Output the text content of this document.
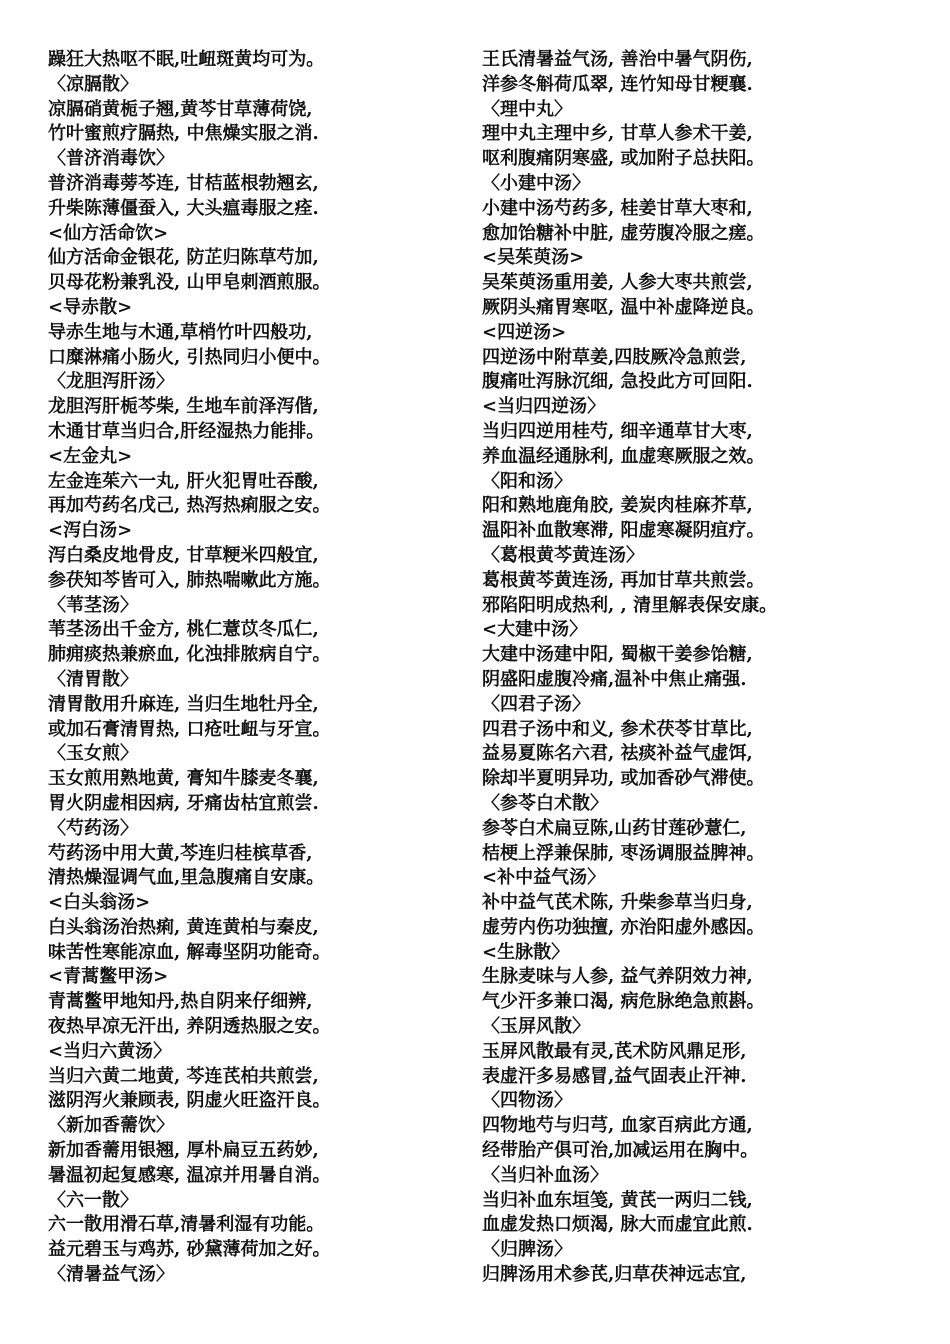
躁狂大热呕不眠,吐衄斑黄均可为。
〈凉膈散〉
凉膈硝黄栀子翘,黄芩甘草薄荷饶,
竹叶蜜煎疗膈热, 中焦燥实服之消.
〈普济消毒饮〉
普济消毒蒡芩连, 甘桔蓝根勃翘玄,
升柴陈薄僵蚕入, 大头瘟毒服之痊.
<仙方活命饮>
仙方活命金银花, 防芷归陈草芍加,
贝母花粉兼乳没, 山甲皂刺酒煎服。
<导赤散>
导赤生地与木通,草梢竹叶四般功,
口糜淋痛小肠火, 引热同归小便中。
〈龙胆泻肝汤〉
龙胆泻肝栀芩柴, 生地车前泽泻偕,
木通甘草当归合,肝经湿热力能排。
<左金丸>
左金连茱六一丸, 肝火犯胃吐吞酸,
再加芍药名戊己, 热泻热痢服之安。
<泻白汤>
泻白桑皮地骨皮, 甘草粳米四般宜,
参茯知芩皆可入, 肺热喘嗽此方施。
〈苇茎汤〉
苇茎汤出千金方, 桃仁薏苡冬瓜仁,
肺痈痰热兼瘀血, 化浊排脓病自宁。
〈清胃散〉
清胃散用升麻连, 当归生地牡丹全,
或加石膏清胃热, 口疮吐衄与牙宣。
〈玉女煎〉
玉女煎用熟地黄, 膏知牛膝麦冬襄,
胃火阴虚相因病, 牙痛齿枯宜煎尝.
〈芍药汤〉
芍药汤中用大黄,芩连归桂槟草香,
清热燥湿调气血,里急腹痛自安康。
<白头翁汤>
白头翁汤治热痢, 黄连黄柏与秦皮,
味苦性寒能凉血, 解毒坚阴功能奇。
<青蒿鳖甲汤>
青蒿鳖甲地知丹,热自阴来仔细辨,
夜热早凉无汗出, 养阴透热服之安。
<当归六黄汤〉
当归六黄二地黄, 芩连芪柏共煎尝,
滋阴泻火兼顾表, 阴虚火旺盗汗良。
〈新加香薷饮〉
新加香薷用银翘, 厚朴扁豆五药妙,
暑温初起复感寒, 温凉并用暑自消。
〈六一散〉
六一散用滑石草,清暑利湿有功能。
益元碧玉与鸡苏, 砂黛薄荷加之好。
〈清暑益气汤〉
王氏清暑益气汤, 善治中暑气阴伤,
洋参冬斛荷瓜翠, 连竹知母甘粳襄.
〈理中丸〉
理中丸主理中乡, 甘草人参术干姜,
呕利腹痛阴寒盛, 或加附子总扶阳。
〈小建中汤〉
小建中汤芍药多, 桂姜甘草大枣和,
愈加饴糖补中脏, 虚劳腹冷服之瘥。
<吴茱萸汤>
吴茱萸汤重用姜, 人参大枣共煎尝,
厥阴头痛胃寒呕, 温中补虚降逆良。
<四逆汤>
四逆汤中附草姜,四肢厥冷急煎尝,
腹痛吐泻脉沉细, 急投此方可回阳.
<当归四逆汤〉
当归四逆用桂芍, 细辛通草甘大枣,
养血温经通脉利, 血虚寒厥服之效。
〈阳和汤〉
阳和熟地鹿角胶, 姜炭肉桂麻芥草,
温阳补血散寒滞, 阳虚寒凝阴疽疗。
〈葛根黄芩黄连汤〉
葛根黄芩黄连汤, 再加甘草共煎尝。
邪陷阳明成热利, , 清里解表保安康。
<大建中汤〉
大建中汤建中阳, 蜀椒干姜参饴糖,
阴盛阳虚腹冷痛,温补中焦止痛强.
〈四君子汤〉
四君子汤中和义, 参术茯苓甘草比,
益易夏陈名六君, 祛痰补益气虚饵,
除却半夏明异功, 或加香砂气滞使。
〈参苓白术散〉
参苓白术扁豆陈,山药甘莲砂薏仁,
桔梗上浮兼保肺, 枣汤调服益脾神。
<补中益气汤〉
补中益气芪术陈, 升柴参草当归身,
虚劳内伤功独擅, 亦治阳虚外感因。
<生脉散〉
生脉麦味与人参, 益气养阴效力神,
气少汗多兼口渴, 病危脉绝急煎斟。
〈玉屏风散〉
玉屏风散最有灵,芪术防风鼎足形,
表虚汗多易感冒,益气固表止汗神.
〈四物汤〉
四物地芍与归芎, 血家百病此方通,
经带胎产俱可治,加减运用在胸中。
〈当归补血汤〉
当归补血东垣笺, 黄芪一两归二钱,
血虚发热口烦渴, 脉大而虚宜此煎.
〈归脾汤〉
归脾汤用术参芪,归草茯神远志宜,
